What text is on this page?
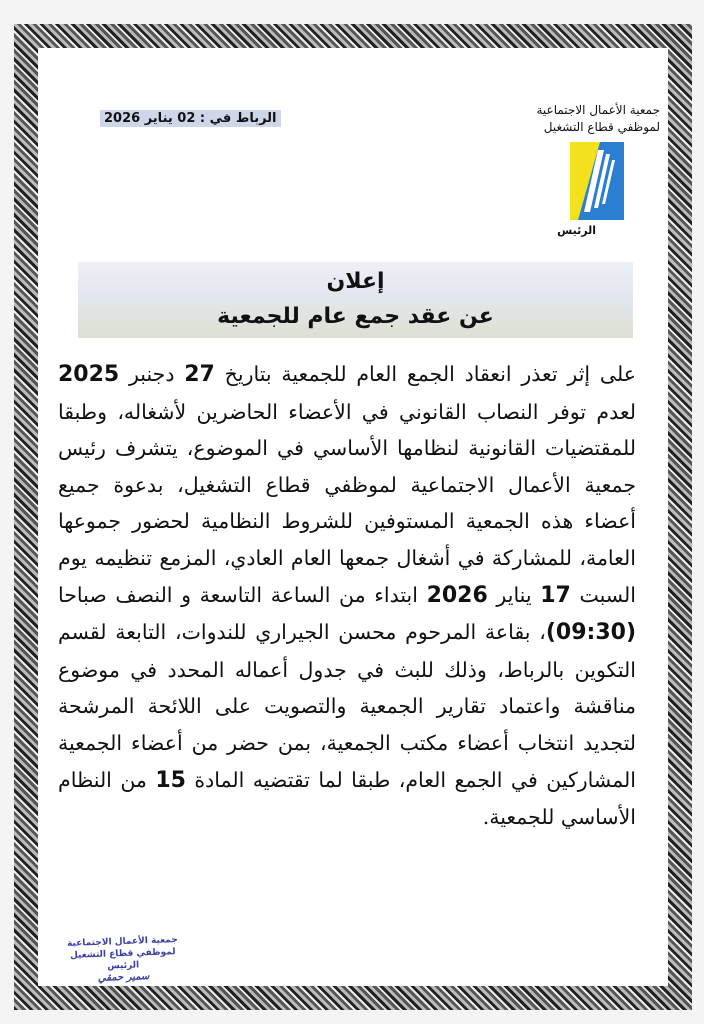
جمعية الأعمال الاجتماعية
لموظفي قطاع التشغيل
الرباط في : 02 يناير 2026
الرئيس
إعلان
عن عقد جمع عام للجمعية
على إثر تعذر انعقاد الجمع العام للجمعية بتاريخ 27 دجنبر 2025 لعدم توفر النصاب القانوني في الأعضاء الحاضرين لأشغاله، وطبقا للمقتضيات القانونية لنظامها الأساسي في الموضوع، يتشرف رئيس جمعية الأعمال الاجتماعية لموظفي قطاع التشغيل، بدعوة جميع أعضاء هذه الجمعية المستوفين للشروط النظامية لحضور جموعها العامة، للمشاركة في أشغال جمعها العام العادي، المزمع تنظيمه يوم السبت 17 يناير 2026 ابتداء من الساعة التاسعة و النصف صباحا (09:30)، بقاعة المرحوم محسن الجيراري للندوات، التابعة لقسم التكوين بالرباط، وذلك للبث في جدول أعماله المحدد في موضوع مناقشة واعتماد تقارير الجمعية والتصويت على اللائحة المرشحة لتجديد انتخاب أعضاء مكتب الجمعية، بمن حضر من أعضاء الجمعية المشاركين في الجمع العام، طبقا لما تقتضيه المادة 15 من النظام الأساسي للجمعية.
جمعية الأعمال الاجتماعية
لموظفي قطاع التشغيل
الرئيس
سمير حمقي
